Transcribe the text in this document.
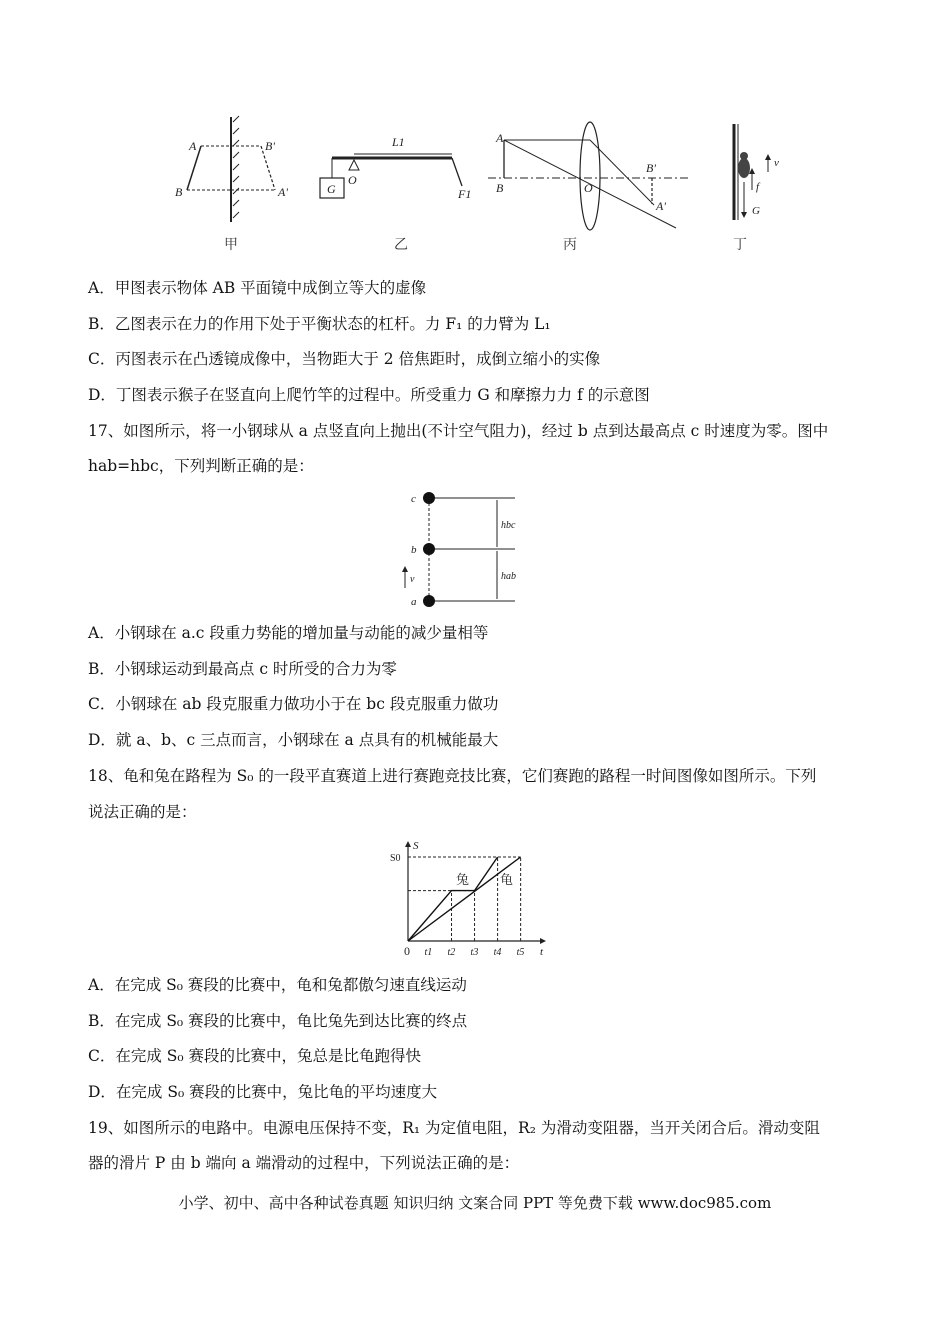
A
B
B'
A'
甲
L1
O
G	F1
乙
A
B
B'
O
A'
丙
v
f
G
丁
A．甲图表示物体 AB 平面镜中成倒立等大的虚像
B．乙图表示在力的作用下处于平衡状态的杠杆。力 F₁ 的力臂为 L₁
C．丙图表示在凸透镜成像中，当物距大于 2 倍焦距时，成倒立缩小的实像
D．丁图表示猴子在竖直向上爬竹竿的过程中。所受重力 G 和摩擦力力 f 的示意图
17、如图所示，将一小钢球从 a 点竖直向上抛出(不计空气阻力)，经过 b 点到达最高点 c 时速度为零。图中
hab=hbc，下列判断正确的是：
c
b
a
v
hbc
hab
A．小钢球在 a.c 段重力势能的增加量与动能的减少量相等
B．小钢球运动到最高点 c 时所受的合力为零
C．小钢球在 ab 段克服重力做功小于在 bc 段克服重力做功
D．就 a、b、c 三点而言，小钢球在 a 点具有的机械能最大
18、龟和兔在路程为 S₀ 的一段平直赛道上进行赛跑竞技比赛，它们赛跑的路程一时间图像如图所示。下列
说法正确的是：
兔 龟
0 t1 t2 t3 t4 t5
S0
S
t
A．在完成 S₀ 赛段的比赛中，龟和兔都傲匀速直线运动
B．在完成 S₀ 赛段的比赛中，龟比兔先到达比赛的终点
C．在完成 S₀ 赛段的比赛中，兔总是比龟跑得快
D．在完成 S₀ 赛段的比赛中，兔比龟的平均速度大
19、如图所示的电路中。电源电压保持不变，R₁ 为定值电阻，R₂ 为滑动变阻器，当开关闭合后。滑动变阻
器的滑片 P 由 b 端向 a 端滑动的过程中，下列说法正确的是：
小学、初中、高中各种试卷真题 知识归纳 文案合同 PPT 等免费下载 www.doc985.com
